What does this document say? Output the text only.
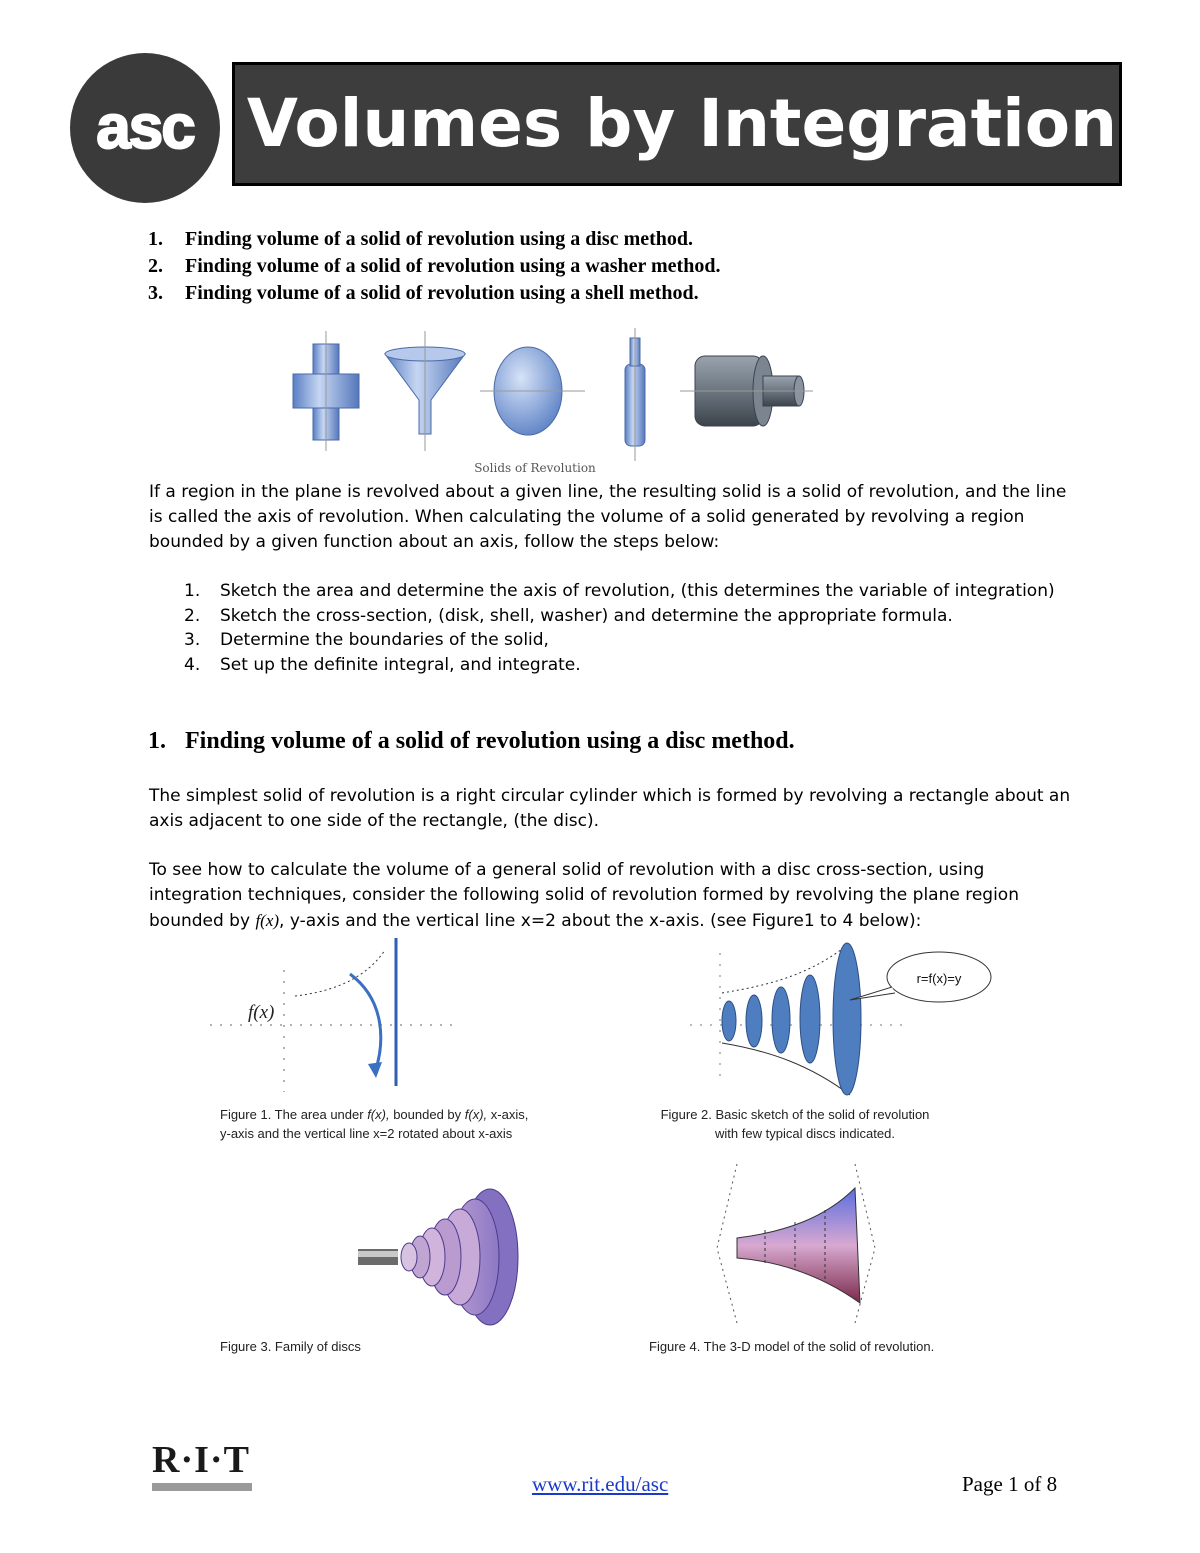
asc Volumes by Integration
1. Finding volume of a solid of revolution using a disc method.
2. Finding volume of a solid of revolution using a washer method.
3. Finding volume of a solid of revolution using a shell method.
Solids of Revolution
If a region in the plane is revolved about a given line, the resulting solid is a solid of revolution, and the line is called the axis of revolution. When calculating the volume of a solid generated by revolving a region bounded by a given function about an axis, follow the steps below:
1. Sketch the area and determine the axis of revolution, (this determines the variable of integration)
2. Sketch the cross-section, (disk, shell, washer) and determine the appropriate formula.
3. Determine the boundaries of the solid,
4. Set up the definite integral, and integrate.
1. Finding volume of a solid of revolution using a disc method.
The simplest solid of revolution is a right circular cylinder which is formed by revolving a rectangle about an axis adjacent to one side of the rectangle, (the disc).
To see how to calculate the volume of a general solid of revolution with a disc cross-section, using integration techniques, consider the following solid of revolution formed by revolving the plane region bounded by f(x), y-axis and the vertical line x=2 about the x-axis. (see Figure1 to 4 below):
f(x)
Figure 1. The area under f(x), bounded by f(x), x-axis,
y-axis and the vertical line x=2 rotated about x-axis
r=f(x)=y
Figure 2. Basic sketch of the solid of revolution
with few typical discs indicated.
Figure 3. Family of discs	Figure 4. The 3-D model of the solid of revolution.
R·I·T
www.rit.edu/asc	Page 1 of 8
